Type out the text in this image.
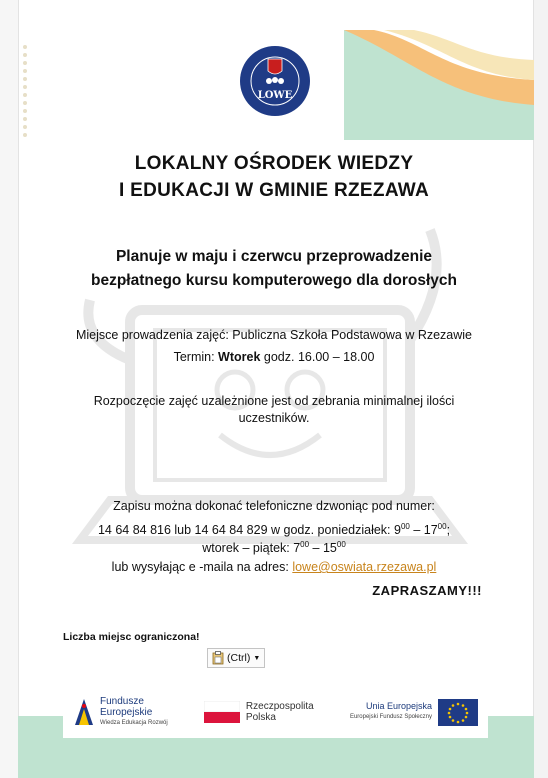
LOWE
LOKALNY OŚRODEK WIEDZY
I EDUKACJI W GMINIE RZEZAWA
Planuje w maju i czerwcu przeprowadzenie
bezpłatnego kursu komputerowego dla dorosłych
Miejsce prowadzenia zajęć: Publiczna Szkoła Podstawowa w Rzezawie
Termin: Wtorek godz. 16.00 – 18.00
Rozpoczęcie zajęć uzależnione jest od zebrania minimalnej ilości
uczestników.
Zapisu można dokonać telefoniczne dzwoniąc pod numer:
14 64 84 816 lub 14 64 84 829 w godz. poniedziałek: $9^{00} - 17^{00}$;
wtorek – piątek: $7^{00} - 15^{00}$
lub wysyłając e -maila na adres: lowe@oswiata.rzezawa.pl
ZAPRASZAMY!!!
Liczba miejsc ograniczona!
(Ctrl) ▼
Fundusze
Europejskie
Wiedza Edukacja Rozwój
Rzeczpospolita
Polska
Unia Europejska
Europejski Fundusz Społeczny
